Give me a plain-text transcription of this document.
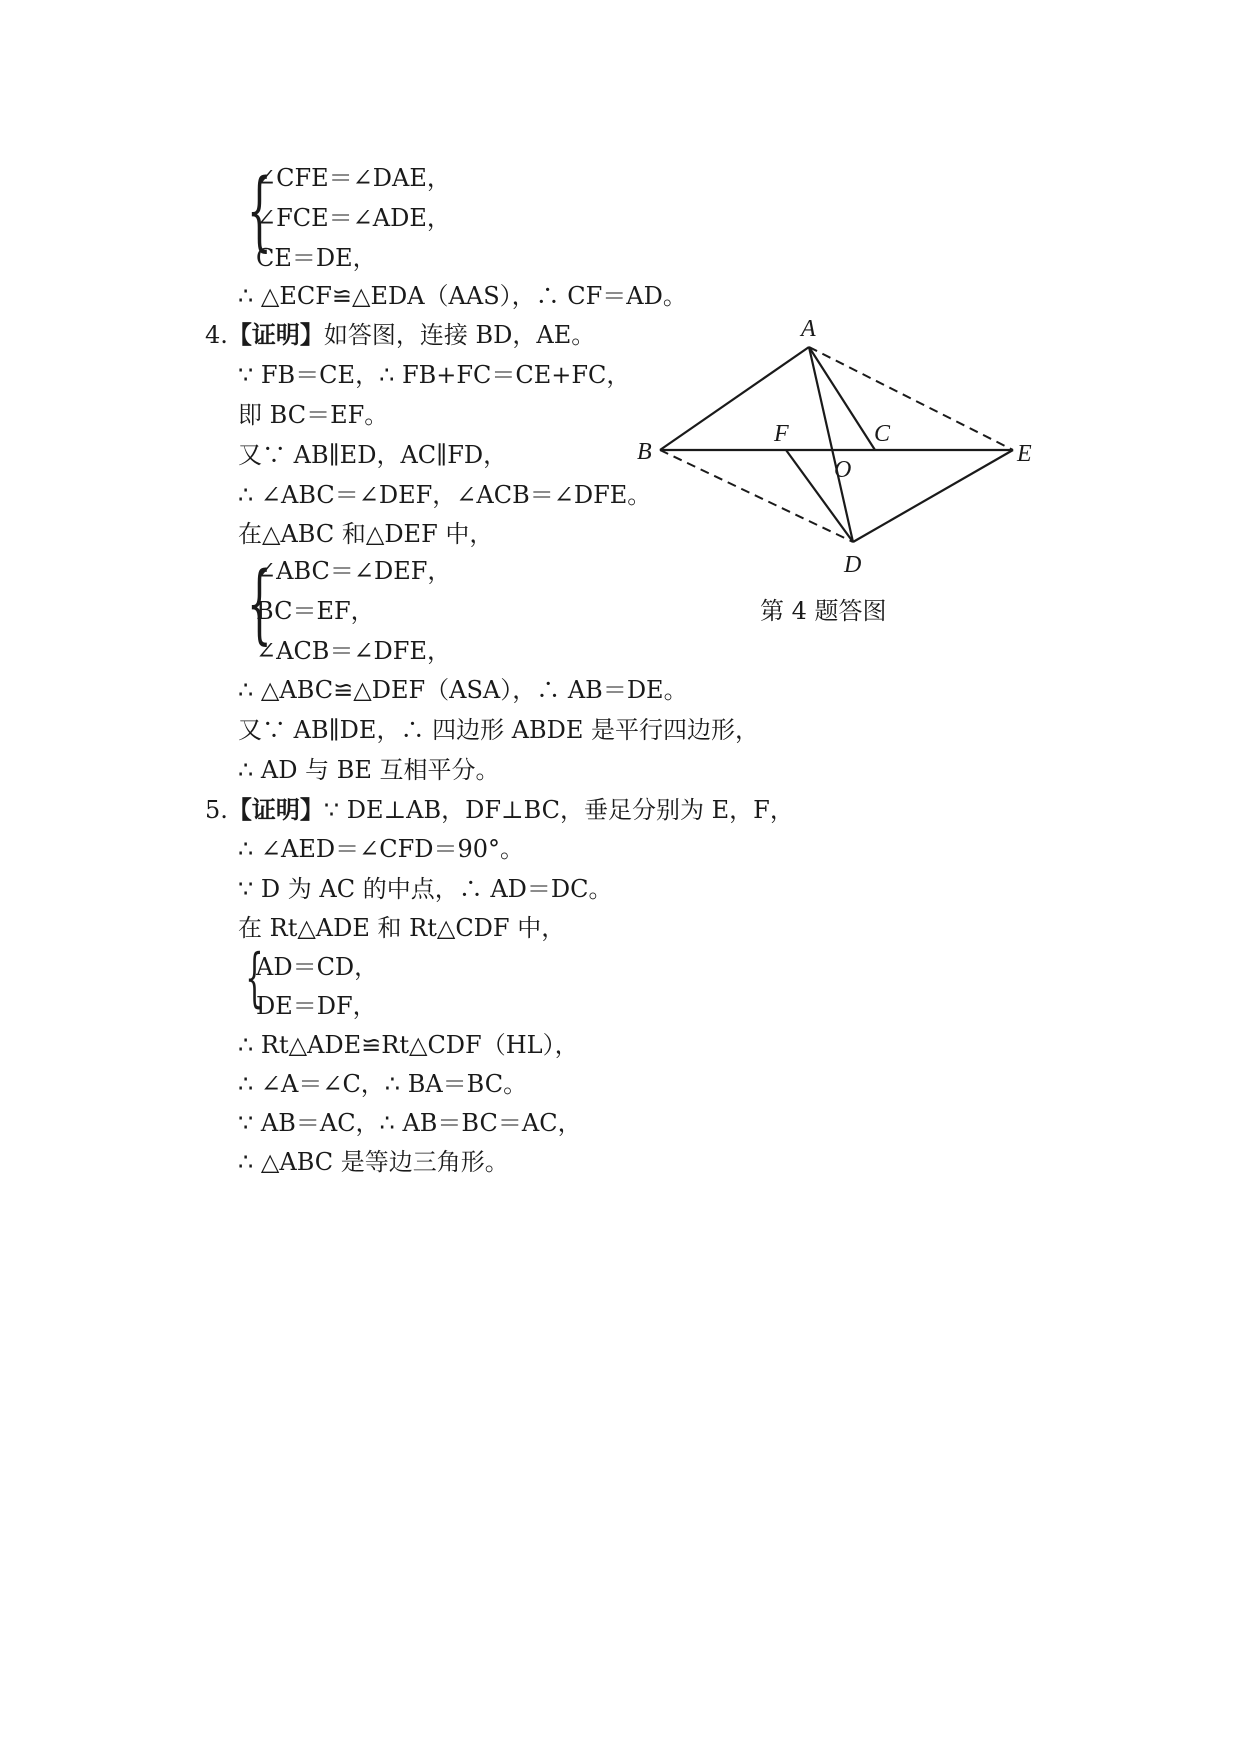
{
∠CFE＝∠DAE，
∠FCE＝∠ADE，
CE＝DE，
∴ △ECF≌△EDA（AAS），∴ CF＝AD。
4.【证明】如答图，连接 BD，AE。
∵ FB＝CE，∴ FB+FC＝CE+FC，
即 BC＝EF。
又∵ AB∥ED，AC∥FD，
∴ ∠ABC＝∠DEF，∠ACB＝∠DFE。
在△ABC 和△DEF 中，
{
∠ABC＝∠DEF，
BC＝EF，
∠ACB＝∠DFE，
∴ △ABC≌△DEF（ASA），∴ AB＝DE。
又∵ AB∥DE，∴ 四边形 ABDE 是平行四边形，
∴ AD 与 BE 互相平分。
A
B
C
D
E
F
O
第 4 题答图
5.【证明】∵ DE⊥AB，DF⊥BC，垂足分别为 E，F，
∴ ∠AED＝∠CFD＝90°。
∵ D 为 AC 的中点，∴ AD＝DC。
在 Rt△ADE 和 Rt△CDF 中，
{
AD＝CD，
DE＝DF，
∴ Rt△ADE≌Rt△CDF（HL），
∴ ∠A＝∠C，∴ BA＝BC。
∵ AB＝AC，∴ AB＝BC＝AC，
∴ △ABC 是等边三角形。
